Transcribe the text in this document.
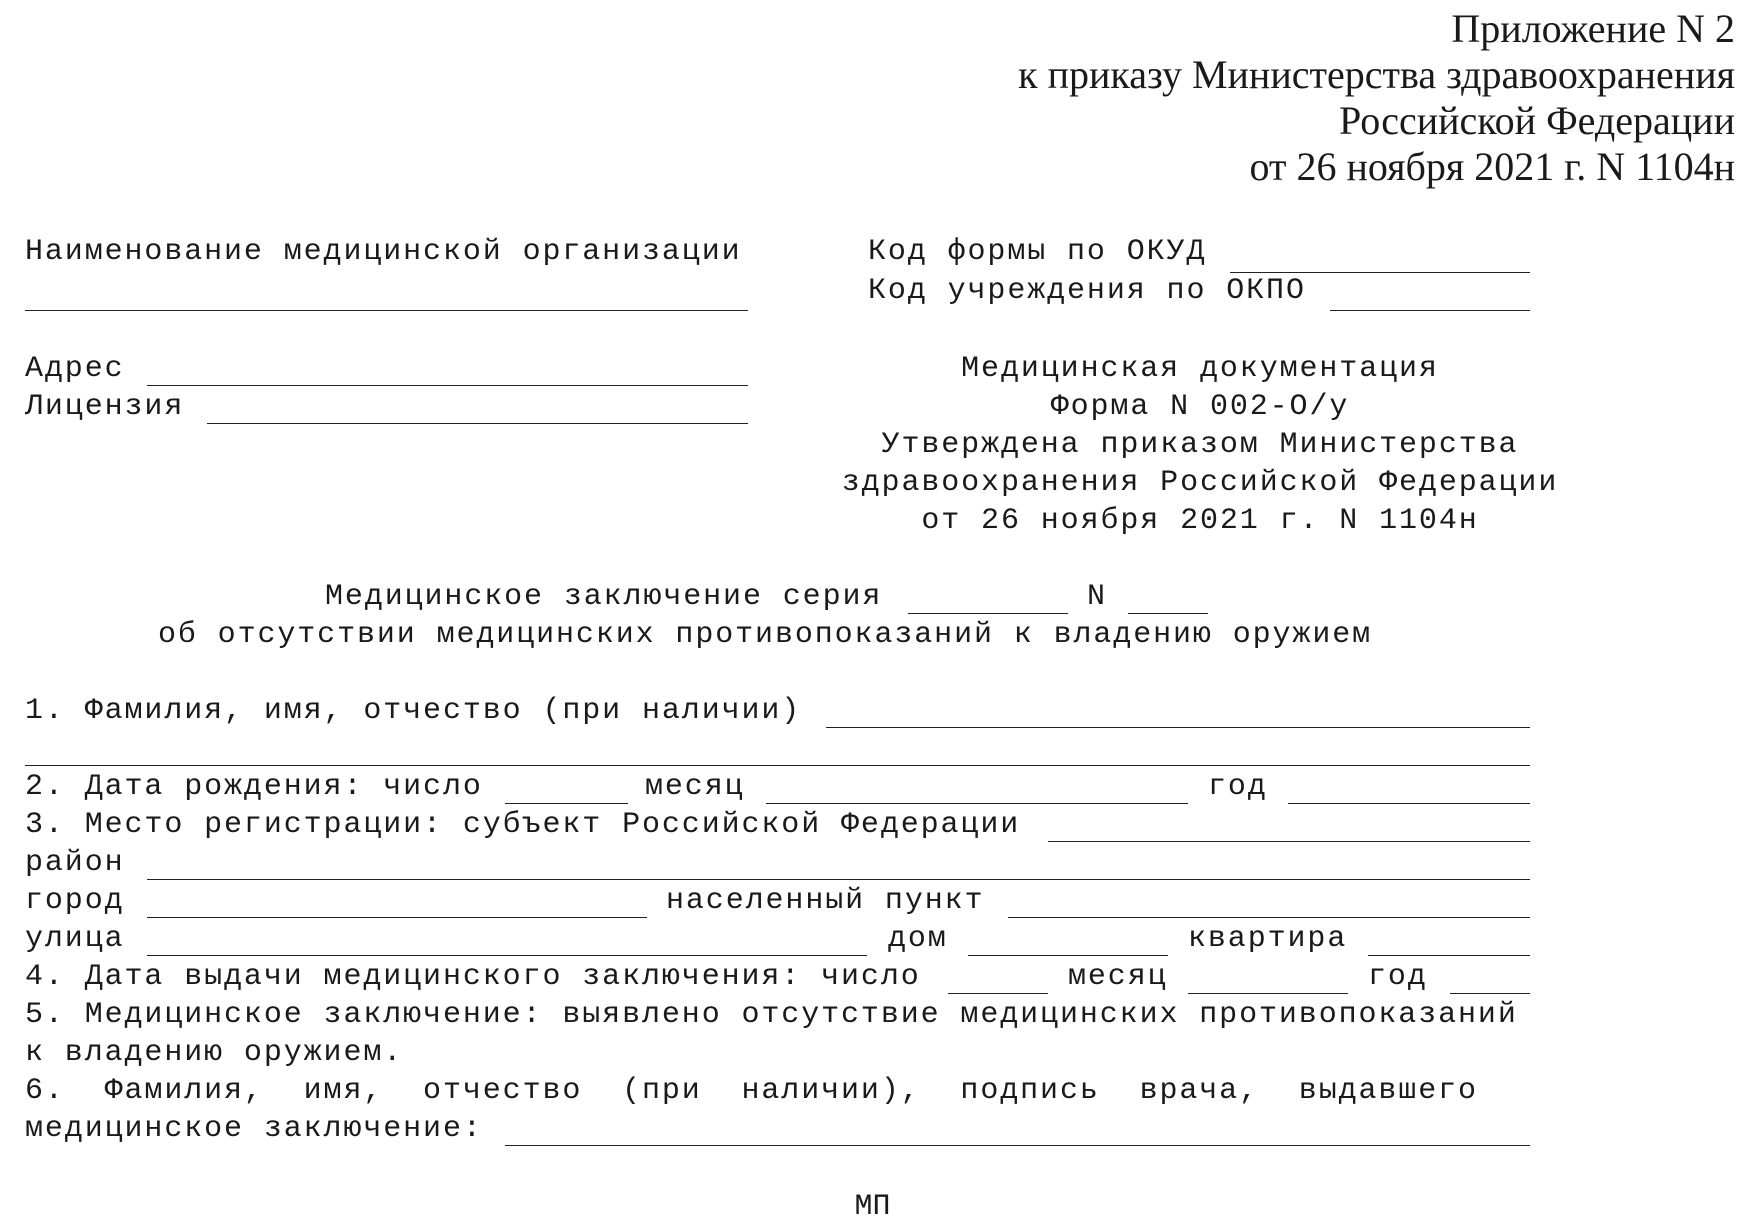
Приложение N 2
к приказу Министерства здравоохранения
Российской Федерации
от 26 ноября 2021 г. N 1104н
Наименование медицинской организации
Адрес
Лицензия
Код формы по ОКУД
Код учреждения по ОКПО
Медицинская документация
Форма N 002-О/у
Утверждена приказом Министерства
здравоохранения Российской Федерации
от 26 ноября 2021 г. N 1104н
Медицинское заключение серия	N
об отсутствии медицинских противопоказаний к владению оружием
1. Фамилия, имя, отчество (при наличии)
2. Дата рождения: число	месяц	год
3. Место регистрации: субъект Российской Федерации
район
город	населенный пункт
улица	дом	квартира
4. Дата выдачи медицинского заключения: число	месяц	год
5. Медицинское заключение: выявлено отсутствие медицинских противопоказаний
к владению оружием.
6.  Фамилия,  имя,  отчество  (при  наличии),  подпись  врача,  выдавшего
медицинское заключение:
МП
